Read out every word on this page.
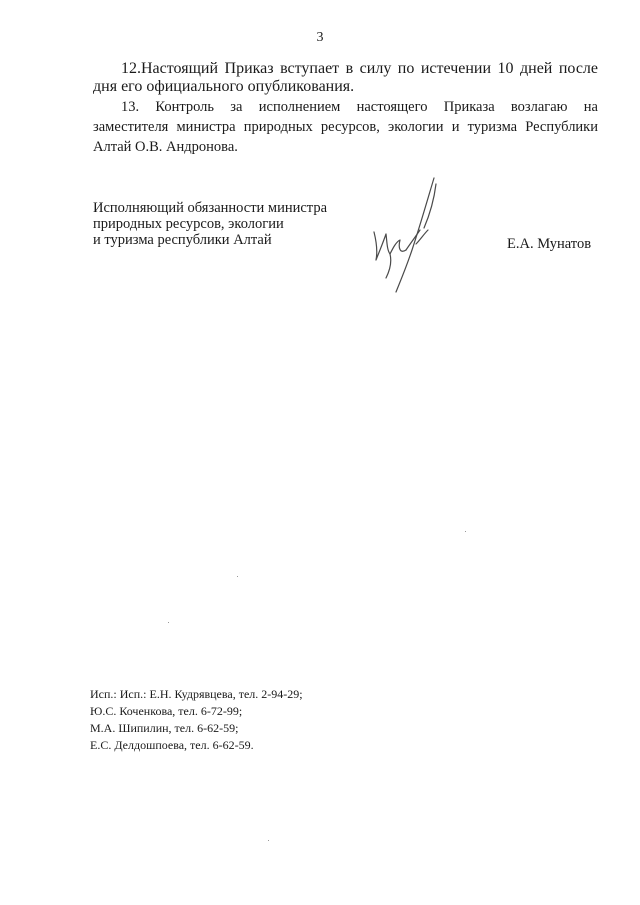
3

12.Настоящий Приказ вступает в силу по истечении 10 дней после дня его официального опубликования.

13. Контроль за исполнением настоящего Приказа возлагаю на
заместителя министра природных ресурсов, экологии и туризма Республики
Алтай О.В. Андронова.
Исполняющий обязанности министра
природных ресурсов, экологии
и туризма республики Алтай	Е.А. Мунатов
Исп.: Исп.: Е.Н. Кудрявцева, тел. 2-94-29;
Ю.С. Коченкова, тел. 6-72-99;
М.А. Шипилин, тел. 6-62-59;
Е.С. Делдошпоева, тел. 6-62-59.
